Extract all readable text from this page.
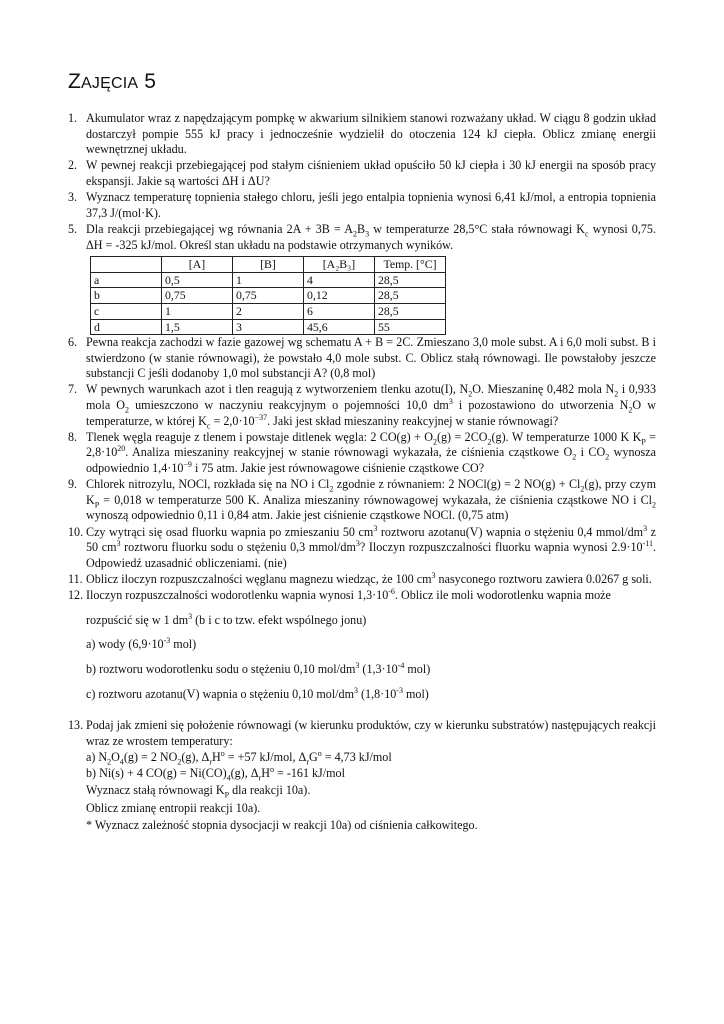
ZAJĘCIA 5
1. Akumulator wraz z napędzającym pompkę w akwarium silnikiem stanowi rozważany układ. W ciągu 8 godzin układ dostarczył pompie 555 kJ pracy i jednocześnie wydzielił do otoczenia 124 kJ ciepła. Oblicz zmianę energii wewnętrznej układu.
2. W pewnej reakcji przebiegającej pod stałym ciśnieniem układ opuściło 50 kJ ciepła i 30 kJ energii na sposób pracy ekspansji. Jakie są wartości ΔH i ΔU?
3. Wyznacz temperaturę topnienia stałego chloru, jeśli jego entalpia topnienia wynosi 6,41 kJ/mol, a entropia topnienia 37,3 J/(mol·K).
5. Dla reakcji przebiegającej wg równania $2A + 3B = A_2B_3$ w temperaturze 28,5°C stała równowagi $K_c$ wynosi 0,75. ΔH = -325 kJ/mol. Określ stan układu na podstawie otrzymanych wyników.
	[A]	[B]	[A₂B₃]	Temp. [°C]
a	0,5	1	4	28,5
b	0,75	0,75	0,12	28,5
c	1	2	6	28,5
d	1,5	3	45,6	55
6. Pewna reakcja zachodzi w fazie gazowej wg schematu A + B = 2C. Zmieszano 3,0 mole subst. A i 6,0 moli subst. B i stwierdzono (w stanie równowagi), że powstało 4,0 mole subst. C. Oblicz stałą równowagi. Ile powstałoby jeszcze substancji C jeśli dodanoby 1,0 mol substancji A? (0,8 mol)
7. W pewnych warunkach azot i tlen reagują z wytworzeniem tlenku azotu(I), $N_2O$. Mieszaninę 0,482 mola $N_2$ i 0,933 mola $O_2$ umieszczono w naczyniu reakcyjnym o pojemności 10,0 $dm^3$ i pozostawiono do utworzenia $N_2O$ w temperaturze, w której $K_c = 2,0\cdot 10^{-37}$. Jaki jest skład mieszaniny reakcyjnej w stanie równowagi?
8. Tlenek węgla reaguje z tlenem i powstaje ditlenek węgla: 2 $CO(g) + O_2(g) = 2CO_2(g)$. W temperaturze 1000 K $K_P = 2,8\cdot 10^{20}$. Analiza mieszaniny reakcyjnej w stanie równowagi wykazała, że ciśnienia cząstkowe $O_2$ i $CO_2$ wynosza odpowiednio $1,4\cdot 10^{-9}$ i 75 atm. Jakie jest równowagowe ciśnienie cząstkowe CO?
9. Chlorek nitrozylu, NOCl, rozkłada się na NO i $Cl_2$ zgodnie z równaniem: 2 NOCl(g) = 2 $NO(g) + Cl_2(g)$, przy czym $K_P = 0,018$ w temperaturze 500 K. Analiza mieszaniny równowagowej wykazała, że ciśnienia cząstkowe NO i $Cl_2$ wynoszą odpowiednio 0,11 i 0,84 atm. Jakie jest ciśnienie cząstkowe NOCl. (0,75 atm)
10. Czy wytrąci się osad fluorku wapnia po zmieszaniu 50 $cm^3$ roztworu azotanu(V) wapnia o stężeniu 0,4 mmol/$dm^3$ z 50 $cm^3$ roztworu fluorku sodu o stężeniu 0,3 mmol/$dm^3$? Iloczyn rozpuszczalności fluorku wapnia wynosi $2.9\cdot 10^{-11}$. Odpowiedź uzasadnić obliczeniami. (nie)
11. Oblicz iloczyn rozpuszczalności węglanu magnezu wiedząc, że 100 $cm^3$ nasyconego roztworu zawiera 0.0267 g soli.
12. Iloczyn rozpuszczalności wodorotlenku wapnia wynosi $1,3\cdot 10^{-6}$. Oblicz ile moli wodorotlenku wapnia może
rozpuścić się w 1 $dm^3$ (b i c to tzw. efekt wspólnego jonu)
a) wody ($6,9\cdot 10^{-3}$ mol)
b) roztworu wodorotlenku sodu o stężeniu 0,10 mol/$dm^3$ ($1,3\cdot 10^{-4}$ mol)
c) roztworu azotanu(V) wapnia o stężeniu 0,10 mol/$dm^3$ ($1,8\cdot 10^{-3}$ mol)
13. Podaj jak zmieni się położenie równowagi (w kierunku produktów, czy w kierunku substratów) następujących reakcji wraz ze wrostem temperatury:
a) $N_2O_4(g) = 2$ $NO_2(g)$, $\Delta_rH^o = +57$ kJ/mol, $\Delta_rG^o = 4,73$ kJ/mol
b) Ni(s) + 4 $CO(g) = Ni(CO)_4(g)$, $\Delta_rH^o = -161$ kJ/mol
Wyznacz stałą równowagi $K_P$ dla reakcji 10a).
Oblicz zmianę entropii reakcji 10a).
* Wyznacz zależność stopnia dysocjacji w reakcji 10a) od ciśnienia całkowitego.
